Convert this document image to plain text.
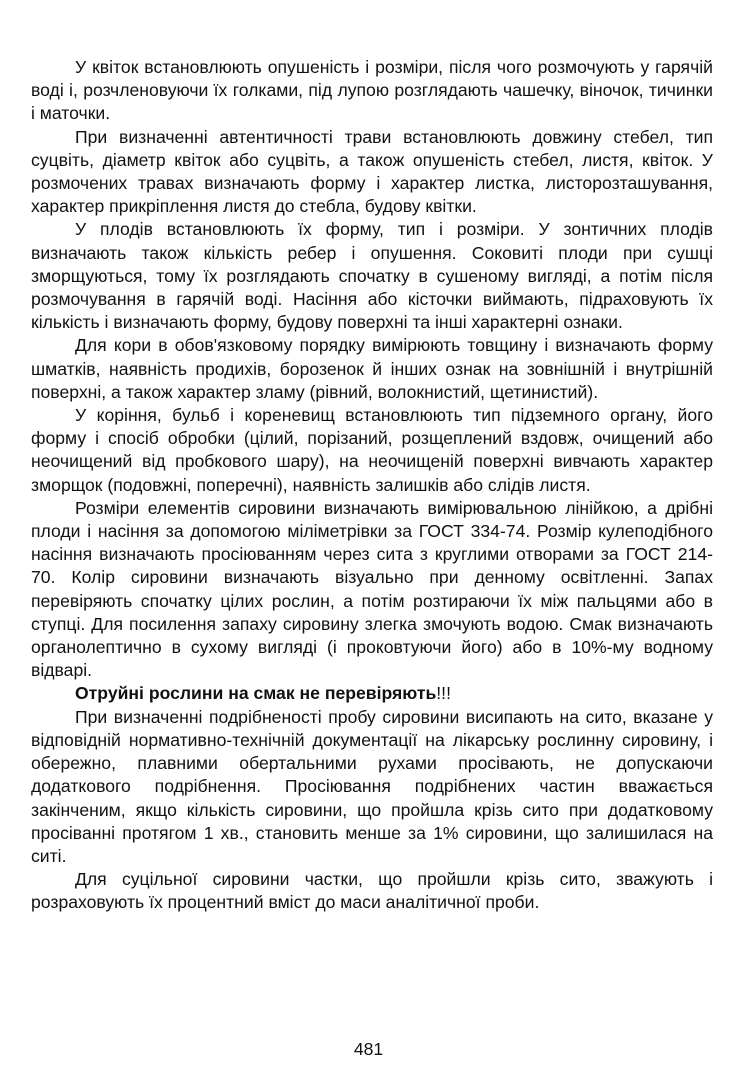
У квіток встановлюють опушеність і розміри, після чого розмочують у гарячій воді і, розчленовуючи їх голками, під лупою розглядають чашечку, віночок, тичинки і маточки.

При визначенні автентичності трави встановлюють довжину стебел, тип суцвіть, діаметр квіток або суцвіть, а також опушеність стебел, листя, квіток. У розмочених травах визначають форму і характер листка, листорозташування, характер прикріплення листя до стебла, будову квітки.

У плодів встановлюють їх форму, тип і розміри. У зонтичних плодів визначають також кількість ребер і опушення. Соковиті плоди при сушці зморщуються, тому їх розглядають спочатку в сушеному вигляді, а потім після розмочування в гарячій воді. Насіння або кісточки виймають, підраховують їх кількість і визначають форму, будову поверхні та інші характерні ознаки.

Для кори в обов'язковому порядку вимірюють товщину і визначають форму шматків, наявність продихів, борозенок й інших ознак на зовнішній і внутрішній поверхні, а також характер зламу (рівний, волокнистий, щетинистий).

У коріння, бульб і кореневищ встановлюють тип підземного органу, його форму і спосіб обробки (цілий, порізаний, розщеплений вздовж, очищений або неочищений від пробкового шару), на неочищеній поверхні вивчають характер зморщок (подовжні, поперечні), наявність залишків або слідів листя.

Розміри елементів сировини визначають вимірювальною лінійкою, а дрібні плоди і насіння за допомогою міліметрівки за ГОСТ 334-74. Розмір кулеподібного насіння визначають просіюванням через сита з круглими отворами за ГОСТ 214-70. Колір сировини визначають візуально при денному освітленні. Запах перевіряють спочатку цілих рослин, а потім розтираючи їх між пальцями або в ступці. Для посилення запаху сировину злегка змочують водою. Смак визначають органолептично в сухому вигляді (і проковтуючи його) або в 10%-му водному відварі.

Отруйні рослини на смак не перевіряють!!!

При визначенні подрібненості пробу сировини висипають на сито, вказане у відповідній нормативно-технічній документації на лікарську рослинну сировину, і обережно, плавними обертальними рухами просівають, не допускаючи додаткового подрібнення. Просіювання подрібнених частин вважається закінченим, якщо кількість сировини, що пройшла крізь сито при додатковому просіванні протягом 1 хв., становить менше за 1% сировини, що залишилася на ситі.

Для суцільної сировини частки, що пройшли крізь сито, зважують і розраховують їх процентний вміст до маси аналітичної проби.

481
